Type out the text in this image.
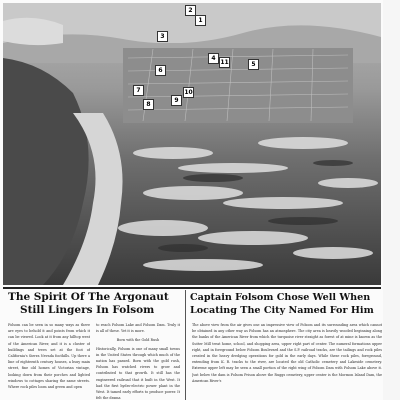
1
2
3
4
5
6
7
8
9
10
11
The Spirit Of The Argonaut
Still Lingers In Folsom
Captain Folsom Chose Well When
Locating The City Named For Him

Folsom can be seen in so many ways as there are eyes to behold it and points from which it can be viewed. Look at it from any hilltop west of the American River, and it is a cluster of buildings and trees set at the foot of California's Sierra Nevada foothills. Up there a line of eighteenth century houses, a busy main street, fine old homes of Victorian vintage, looking down from their porches and lighted windows to cottages sharing the same streets. Where rock piles loom and green and open

to reach Folsom Lake and Folsom Dam. Truly it is all of these. Yet it is more.

Born with the Gold Rush

Historically, Folsom is one of many small towns in the United States through which much of the nation has passed. Born with the gold rush, Folsom has watched rivers to grow and contributed to that growth. It still has the engineered railroad that it built in the West. It had the first hydro-electric power plant in the West. It tamed early efforts to produce power. It felt the drama

The above view from the air gives one an impressive view of Folsom and its surrounding area which cannot be obtained in any other way as Folsom has an atmosphere. The city area is heavily wooded beginning along the banks of the American River from which the turquoise river straight as forest of at mine is known as the Sutter Mill treat home, school, and shopping area, upper right part of center. The numeral formations upper right, and in foreground below Folsom Boulevard and the S.P. railroad tracks, are the tailings and rock piles created in the heavy dredging operations for gold in the early days. While these rock piles, foreground, extending from K. R. tracks to the river, are located the old Catholic cemetery and Lakeside cemetery. Extreme upper left may be seen a small portion of the right wing of Folsom Dam with Folsom Lake above it. Just below the dam is Folsom Prison above the Ruggs cemetery, upper center is the Mormon Island Dam, the American River's
